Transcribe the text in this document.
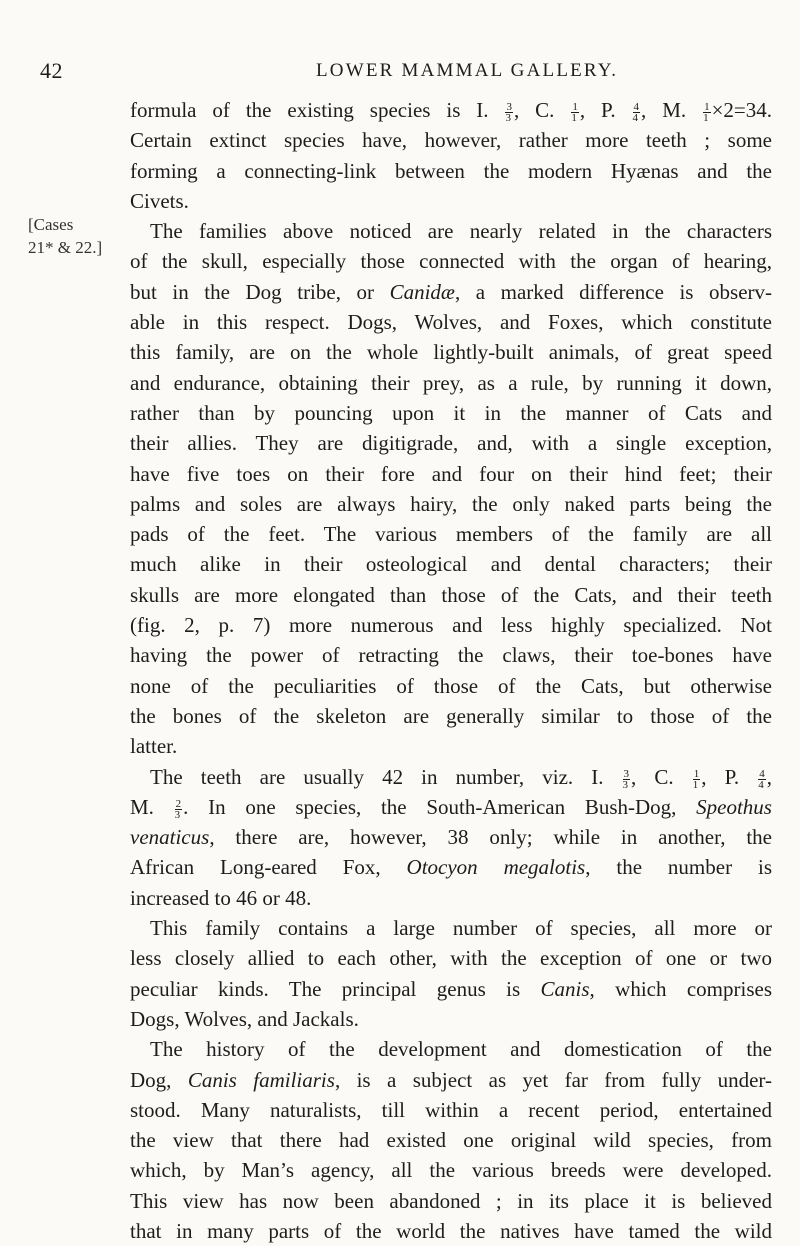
42	LOWER MAMMAL GALLERY.
[Cases
21* & 22.]
formula of the existing species is I. $\frac{3}{3}$ , C. $\frac{1}{1}$ , P. $\frac{4}{4}$ , M. $\frac{1}{1} \times 2=34$.
Certain extinct species have, however, rather more teeth ; some
forming a connecting-link between the modern Hyænas and the
Civets.
The families above noticed are nearly related in the characters
of the skull, especially those connected with the organ of hearing,
but in the Dog tribe, or Canidæ, a marked difference is observ-
able in this respect. Dogs, Wolves, and Foxes, which constitute
this family, are on the whole lightly-built animals, of great speed
and endurance, obtaining their prey, as a rule, by running it down,
rather than by pouncing upon it in the manner of Cats and
their allies. They are digitigrade, and, with a single exception,
have five toes on their fore and four on their hind feet; their
palms and soles are always hairy, the only naked parts being the
pads of the feet. The various members of the family are all
much alike in their osteological and dental characters; their
skulls are more elongated than those of the Cats, and their teeth
(fig. 2, p. 7) more numerous and less highly specialized. Not
having the power of retracting the claws, their toe-bones have
none of the peculiarities of those of the Cats, but otherwise
the bones of the skeleton are generally similar to those of the
latter.
The teeth are usually 42 in number, viz. I. $\frac{3}{3}$ , C. $\frac{1}{1}$ , P. $\frac{4}{4}$ ,
M. $\frac{2}{3}$ . In one species, the South-American Bush-Dog, Speothus
venaticus, there are, however, 38 only; while in another, the
African Long-eared Fox, Otocyon megalotis, the number is
increased to 46 or 48.
This family contains a large number of species, all more or
less closely allied to each other, with the exception of one or two
peculiar kinds. The principal genus is Canis, which comprises
Dogs, Wolves, and Jackals.
The history of the development and domestication of the
Dog, Canis familiaris, is a subject as yet far from fully under-
stood. Many naturalists, till within a recent period, entertained
the view that there had existed one original wild species, from
which, by Man’s agency, all the various breeds were developed.
This view has now been abandoned ; in its place it is believed
that in many parts of the world the natives have tamed the wild
